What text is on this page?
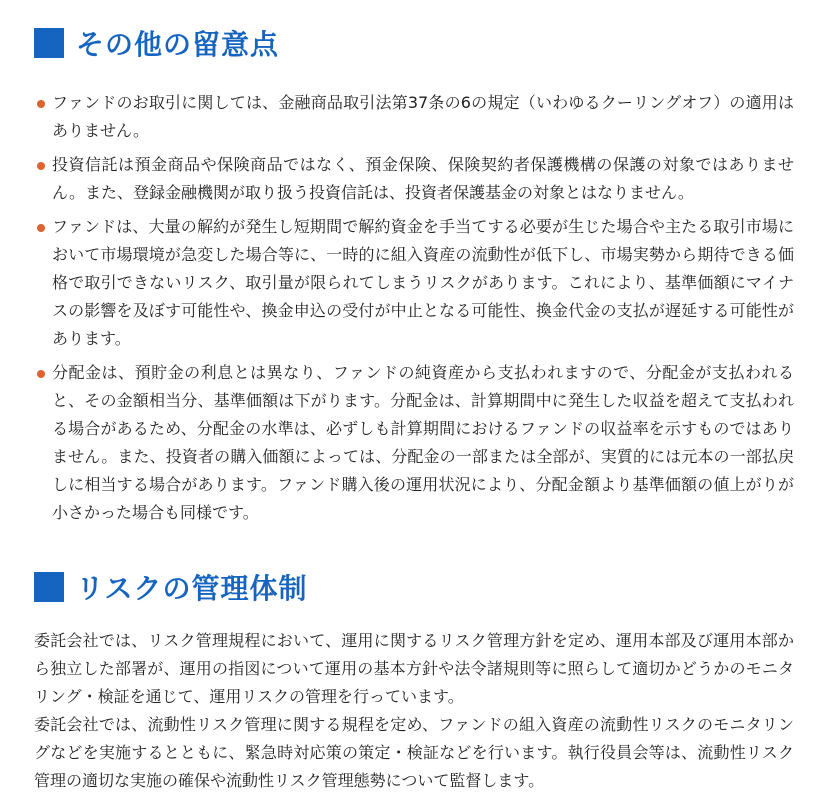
その他の留意点
ファンドのお取引に関しては、金融商品取引法第37条の6の規定（いわゆるクーリングオフ）の適用はありません。
投資信託は預金商品や保険商品ではなく、預金保険、保険契約者保護機構の保護の対象ではありません。また、登録金融機関が取り扱う投資信託は、投資者保護基金の対象とはなりません。
ファンドは、大量の解約が発生し短期間で解約資金を手当てする必要が生じた場合や主たる取引市場において市場環境が急変した場合等に、一時的に組入資産の流動性が低下し、市場実勢から期待できる価格で取引できないリスク、取引量が限られてしまうリスクがあります。これにより、基準価額にマイナスの影響を及ぼす可能性や、換金申込の受付が中止となる可能性、換金代金の支払が遅延する可能性があります。
分配金は、預貯金の利息とは異なり、ファンドの純資産から支払われますので、分配金が支払われると、その金額相当分、基準価額は下がります。分配金は、計算期間中に発生した収益を超えて支払われる場合があるため、分配金の水準は、必ずしも計算期間におけるファンドの収益率を示すものではありません。また、投資者の購入価額によっては、分配金の一部または全部が、実質的には元本の一部払戻しに相当する場合があります。ファンド購入後の運用状況により、分配金額より基準価額の値上がりが小さかった場合も同様です。
リスクの管理体制

委託会社では、リスク管理規程において、運用に関するリスク管理方針を定め、運用本部及び運用本部から独立した部署が、運用の指図について運用の基本方針や法令諸規則等に照らして適切かどうかのモニタリング・検証を通じて、運用リスクの管理を行っています。

委託会社では、流動性リスク管理に関する規程を定め、ファンドの組入資産の流動性リスクのモニタリングなどを実施するとともに、緊急時対応策の策定・検証などを行います。執行役員会等は、流動性リスク管理の適切な実施の確保や流動性リスク管理態勢について監督します。
